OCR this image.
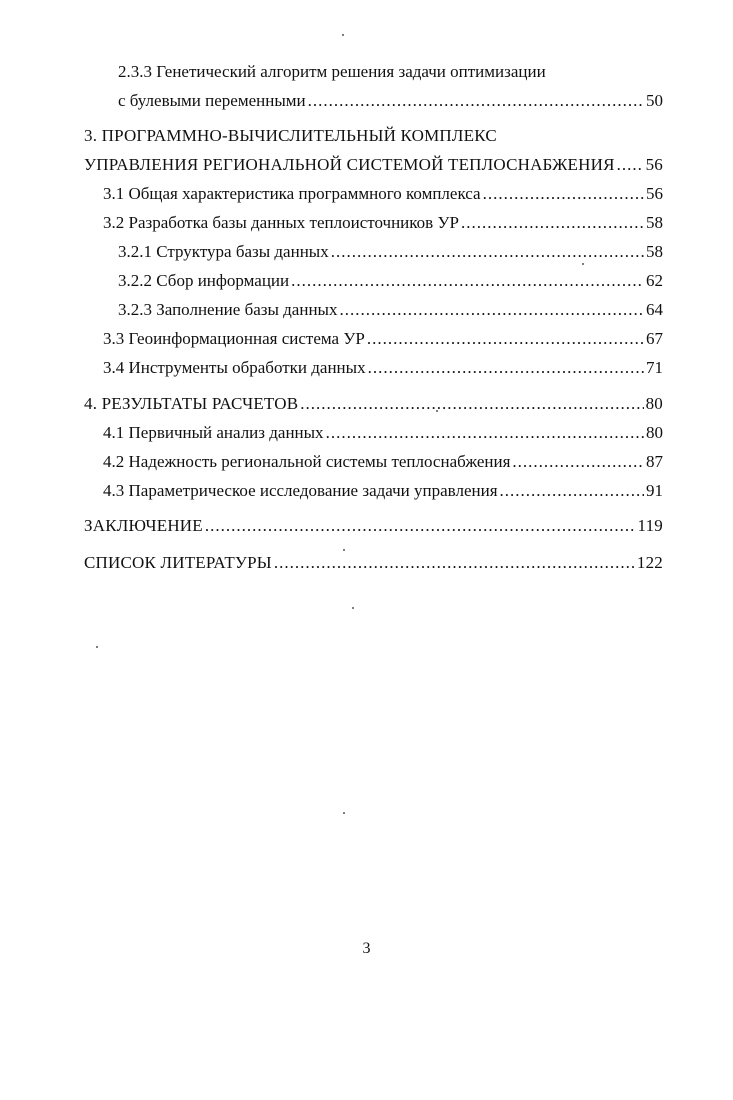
2.3.3 Генетический алгоритм решения задачи оптимизации
с булевыми переменными .....	50
3. ПРОГРАММНО-ВЫЧИСЛИТЕЛЬНЫЙ КОМПЛЕКС
УПРАВЛЕНИЯ РЕГИОНАЛЬНОЙ СИСТЕМОЙ ТЕПЛОСНАБЖЕНИЯ ..... 56
3.1 Общая характеристика программного комплекса .....	56
3.2 Разработка базы данных теплоисточников УР .....	58
3.2.1 Структура базы данных .....	58
3.2.2 Сбор информации .....	62
3.2.3 Заполнение базы данных .....	64
3.3 Геоинформационная система УР .....	67
3.4 Инструменты обработки данных .....	71
4. РЕЗУЛЬТАТЫ РАСЧЕТОВ .....	80
4.1 Первичный анализ данных .....	80
4.2 Надежность региональной системы теплоснабжения .....	87
4.3 Параметрическое исследование задачи управления .....	91
ЗАКЛЮЧЕНИЕ .....	119
СПИСОК ЛИТЕРАТУРЫ .....	122
3
